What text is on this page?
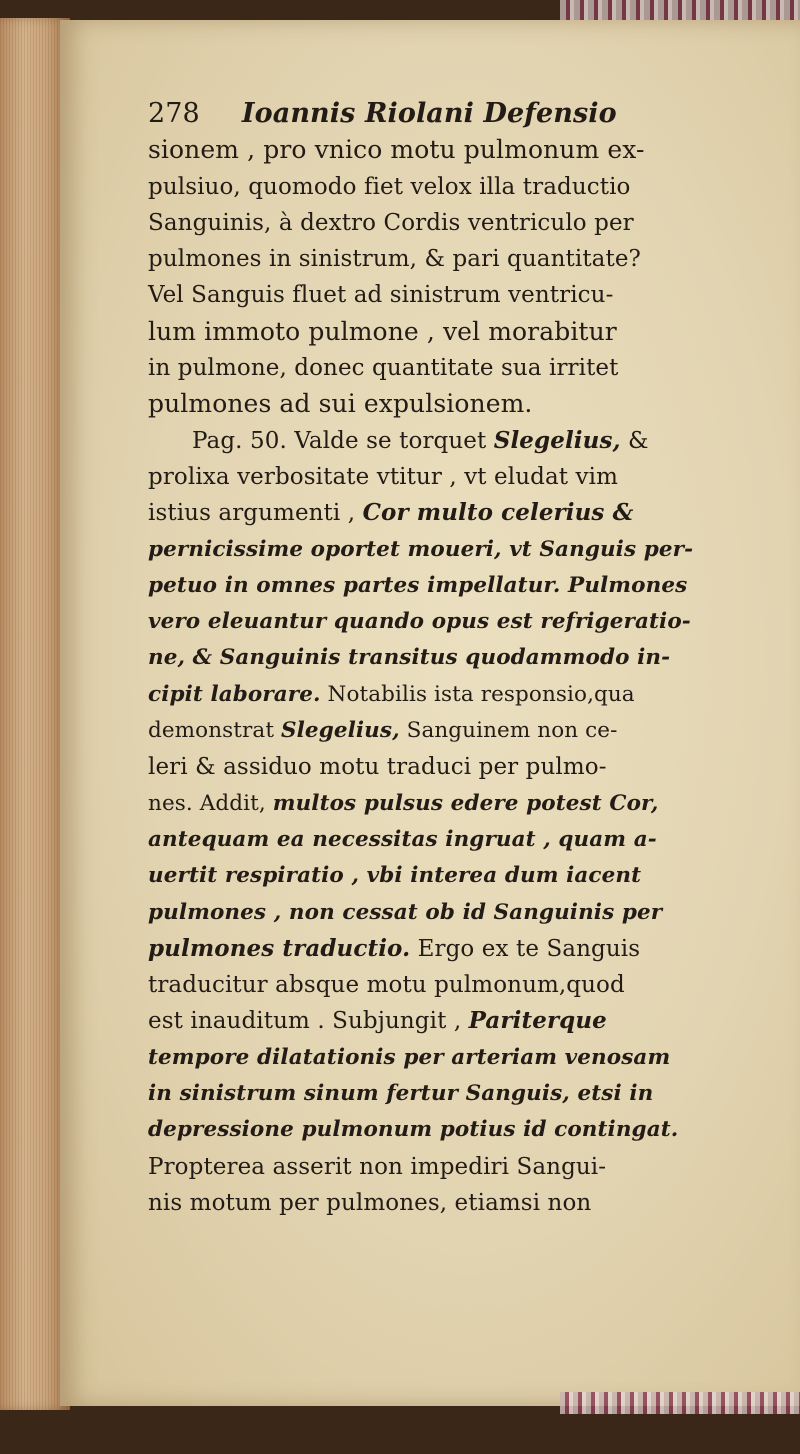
278 Ioannis Riolani Defensio
sionem , pro vnico motu pulmonum ex-
pulsiuo, quomodo fiet velox illa traductio
Sanguinis, à dextro Cordis ventriculo per
pulmones in sinistrum, & pari quantitate?
Vel Sanguis fluet ad sinistrum ventricu-
lum immoto pulmone , vel morabitur
in pulmone, donec quantitate sua irritet
pulmones ad sui expulsionem.
Pag. 50. Valde se torquet Slegelius, &
prolixa verbositate vtitur , vt eludat vim
istius argumenti , Cor multo celerius &
pernicissime oportet moueri, vt Sanguis per-
petuo in omnes partes impellatur. Pulmones
vero eleuantur quando opus est refrigeratio-
ne, & Sanguinis transitus quodammodo in-
cipit laborare. Notabilis ista responsio,qua
demonstrat Slegelius, Sanguinem non ce-
leri & assiduo motu traduci per pulmo-
nes. Addit, multos pulsus edere potest Cor,
antequam ea necessitas ingruat , quam a-
uertit respiratio , vbi interea dum iacent
pulmones , non cessat ob id Sanguinis per
pulmones traductio. Ergo ex te Sanguis
traducitur absque motu pulmonum,quod
est inauditum . Subjungit , Pariterque
tempore dilatationis per arteriam venosam
in sinistrum sinum fertur Sanguis, etsi in
depressione pulmonum potius id contingat.
Propterea asserit non impediri Sangui-
nis motum per pulmones, etiamsi non
